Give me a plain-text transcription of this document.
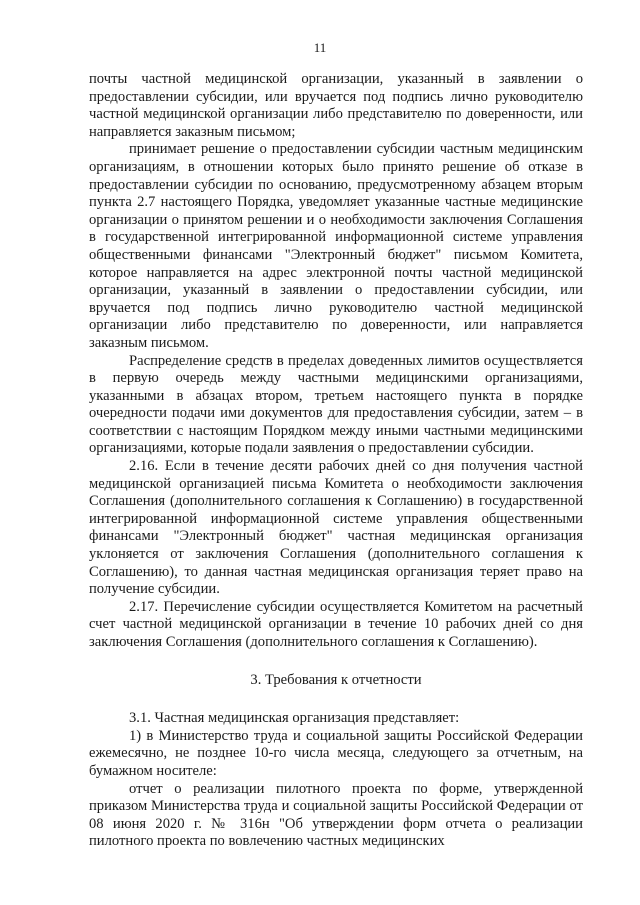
11

почты частной медицинской организации, указанный в заявлении о предоставлении субсидии, или вручается под подпись лично руководителю частной медицинской организации либо представителю по доверенности, или направляется заказным письмом;

принимает решение о предоставлении субсидии частным медицинским организациям, в отношении которых было принято решение об отказе в предоставлении субсидии по основанию, предусмотренному абзацем вторым пункта 2.7 настоящего Порядка, уведомляет указанные частные медицинские организации о принятом решении и о необходимости заключения Соглашения в государственной интегрированной информационной системе управления общественными финансами "Электронный бюджет" письмом Комитета, которое направляется на адрес электронной почты частной медицинской организации, указанный в заявлении о предоставлении субсидии, или вручается под подпись лично руководителю частной медицинской организации либо представителю по доверенности, или направляется заказным письмом.

Распределение средств в пределах доведенных лимитов осуществляется в первую очередь между частными медицинскими организациями, указанными в абзацах втором, третьем настоящего пункта в порядке очередности подачи ими документов для предоставления субсидии, затем – в соответствии с настоящим Порядком между иными частными медицинскими организациями, которые подали заявления о предоставлении субсидии.

2.16. Если в течение десяти рабочих дней со дня получения частной медицинской организацией письма Комитета о необходимости заключения Соглашения (дополнительного соглашения к Соглашению) в государственной интегрированной информационной системе управления общественными финансами "Электронный бюджет" частная медицинская организация уклоняется от заключения Соглашения (дополнительного соглашения к Соглашению), то данная частная медицинская организация теряет право на получение субсидии.

2.17. Перечисление субсидии осуществляется Комитетом на расчетный счет частной медицинской организации в течение 10 рабочих дней со дня заключения Соглашения (дополнительного соглашения к Соглашению).

3. Требования к отчетности

3.1. Частная медицинская организация представляет:

1) в Министерство труда и социальной защиты Российской Федерации ежемесячно, не позднее 10-го числа месяца, следующего за отчетным, на бумажном носителе:

отчет о реализации пилотного проекта по форме, утвержденной приказом Министерства труда и социальной защиты Российской Федерации от 08 июня 2020 г. № 316н "Об утверждении форм отчета о реализации пилотного проекта по вовлечению частных медицинских
